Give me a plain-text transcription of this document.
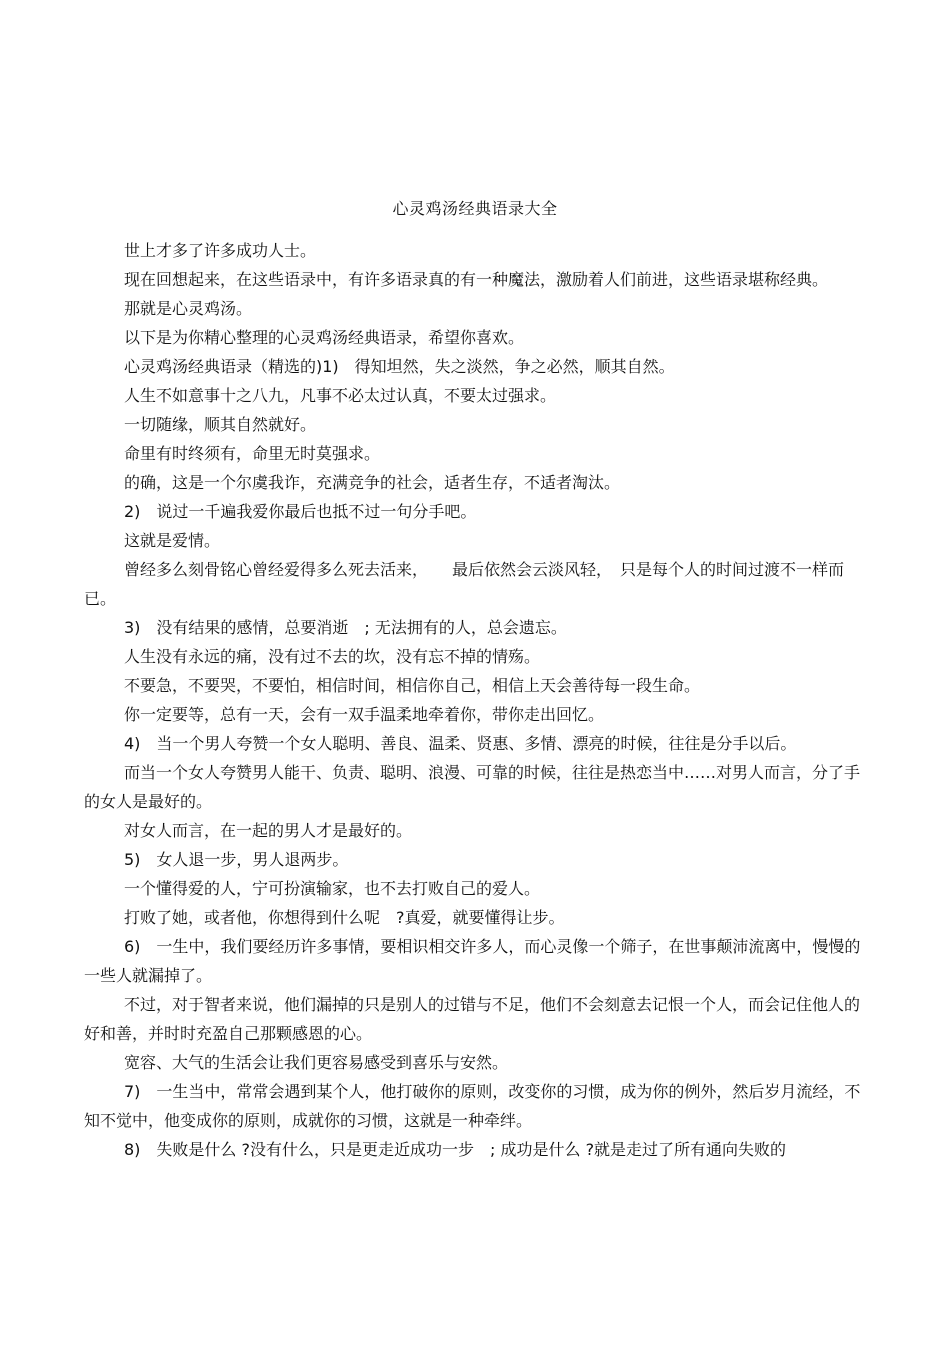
心灵鸡汤经典语录大全

世上才多了许多成功人士。

现在回想起来，在这些语录中，有许多语录真的有一种魔法，激励着人们前进，这些语录堪称经典。

那就是心灵鸡汤。

以下是为你精心整理的心灵鸡汤经典语录，希望你喜欢。

心灵鸡汤经典语录（精选的)1)　得知坦然，失之淡然，争之必然，顺其自然。

人生不如意事十之八九，凡事不必太过认真，不要太过强求。

一切随缘，顺其自然就好。

命里有时终须有，命里无时莫强求。

的确，这是一个尔虞我诈，充满竞争的社会，适者生存，不适者淘汰。

2)　说过一千遍我爱你最后也抵不过一句分手吧。

这就是爱情。

曾经多么刻骨铭心曾经爱得多么死去活来，　　最后依然会云淡风轻，　只是每个人的时间过渡不一样而已。

3)　没有结果的感情，总要消逝　; 无法拥有的人，总会遗忘。

人生没有永远的痛，没有过不去的坎，没有忘不掉的情殇。

不要急，不要哭，不要怕，相信时间，相信你自己，相信上天会善待每一段生命。

你一定要等，总有一天，会有一双手温柔地牵着你，带你走出回忆。

4)　当一个男人夸赞一个女人聪明、善良、温柔、贤惠、多情、漂亮的时候，往往是分手以后。

而当一个女人夸赞男人能干、负责、聪明、浪漫、可靠的时候，往往是热恋当中……对男人而言，分了手的女人是最好的。

对女人而言，在一起的男人才是最好的。

5)　女人退一步，男人退两步。

一个懂得爱的人，宁可扮演输家，也不去打败自己的爱人。

打败了她，或者他，你想得到什么呢　?真爱，就要懂得让步。

6)　一生中，我们要经历许多事情，要相识相交许多人，而心灵像一个筛子，在世事颠沛流离中，慢慢的一些人就漏掉了。

不过，对于智者来说，他们漏掉的只是别人的过错与不足，他们不会刻意去记恨一个人，而会记住他人的好和善，并时时充盈自己那颗感恩的心。

宽容、大气的生活会让我们更容易感受到喜乐与安然。

7)　一生当中，常常会遇到某个人，他打破你的原则，改变你的习惯，成为你的例外，然后岁月流经，不知不觉中，他变成你的原则，成就你的习惯，这就是一种牵绊。

8)　失败是什么 ?没有什么，只是更走近成功一步　; 成功是什么 ?就是走过了所有通向失败的
